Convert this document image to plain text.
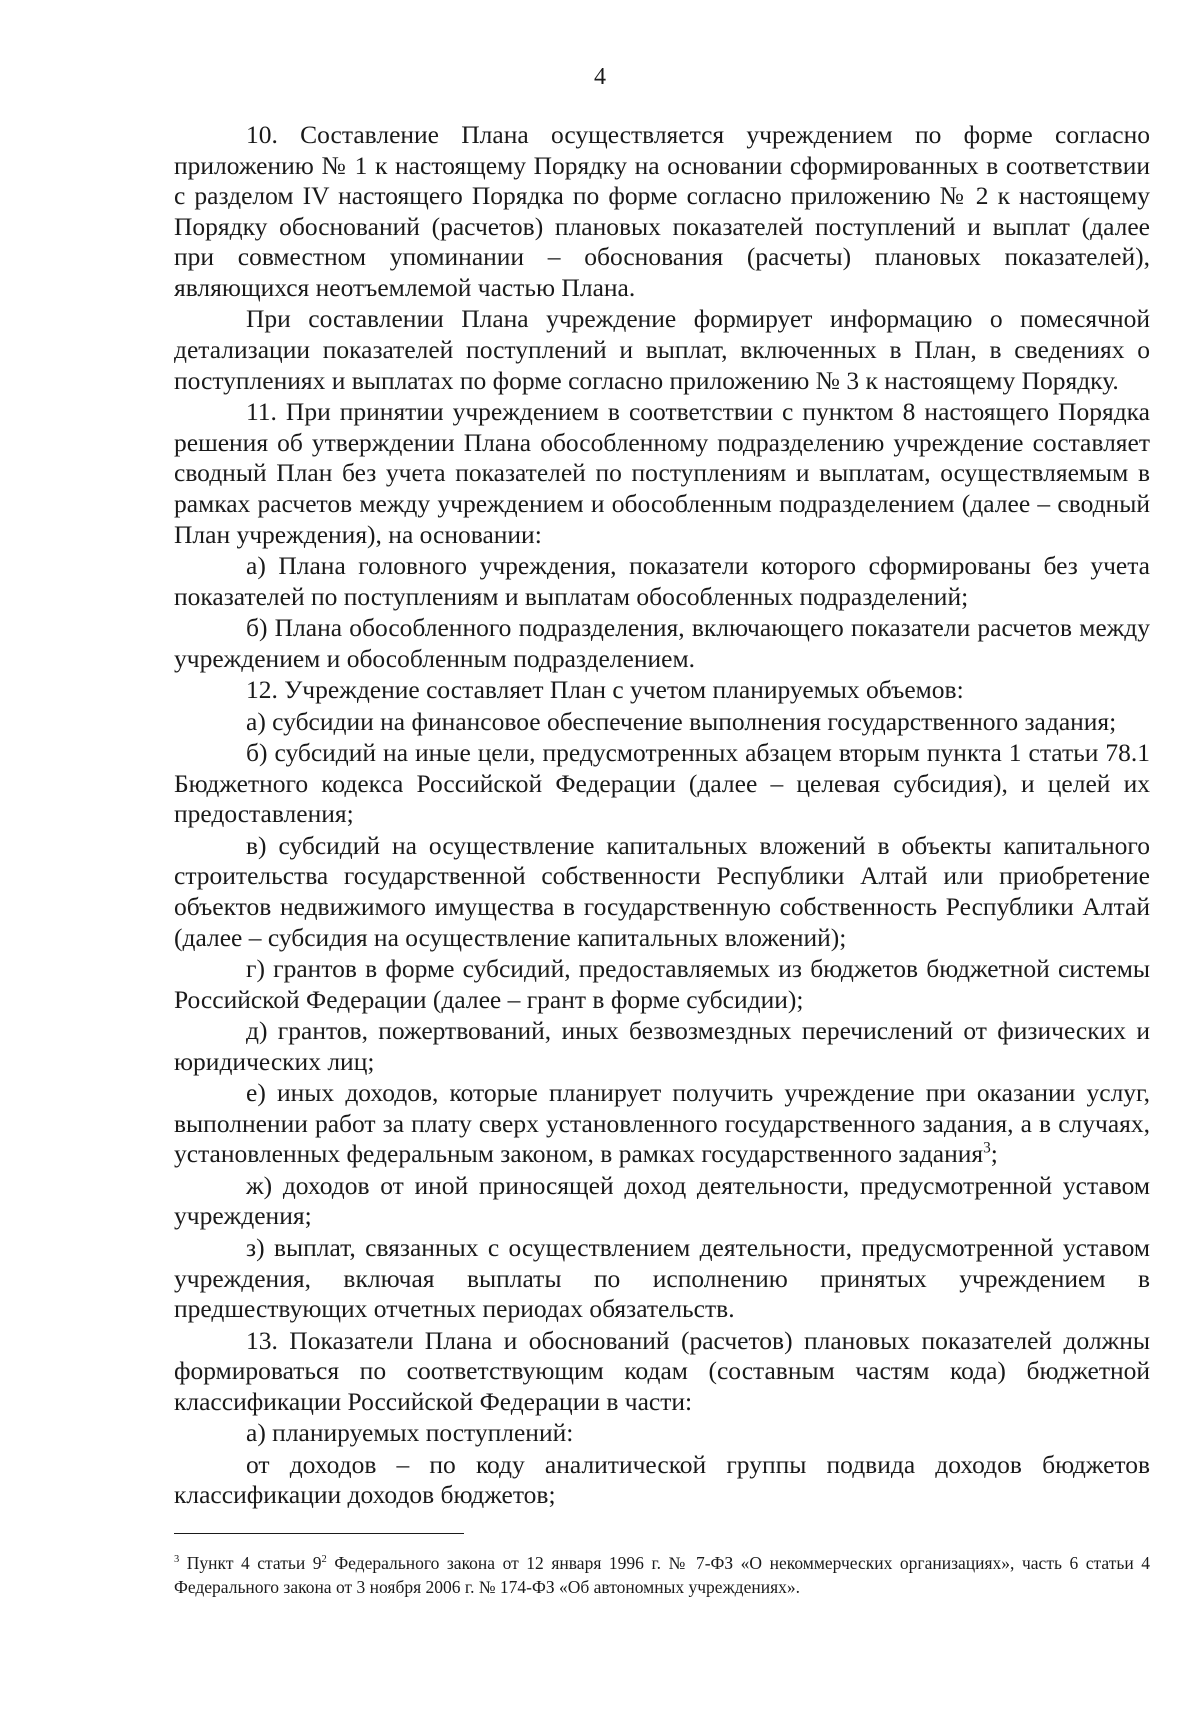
4

10. Составление Плана осуществляется учреждением по форме согласно приложению № 1 к настоящему Порядку на основании сформированных в соответствии с разделом IV настоящего Порядка по форме согласно приложению № 2 к настоящему Порядку обоснований (расчетов) плановых показателей поступлений и выплат (далее при совместном упоминании – обоснования (расчеты) плановых показателей), являющихся неотъемлемой частью Плана.

При составлении Плана учреждение формирует информацию о помесячной детализации показателей поступлений и выплат, включенных в План, в сведениях о поступлениях и выплатах по форме согласно приложению № 3 к настоящему Порядку.

11. При принятии учреждением в соответствии с пунктом 8 настоящего Порядка решения об утверждении Плана обособленному подразделению учреждение составляет сводный План без учета показателей по поступлениям и выплатам, осуществляемым в рамках расчетов между учреждением и обособленным подразделением (далее – сводный План учреждения), на основании:

а) Плана головного учреждения, показатели которого сформированы без учета показателей по поступлениям и выплатам обособленных подразделений;

б) Плана обособленного подразделения, включающего показатели расчетов между учреждением и обособленным подразделением.

12. Учреждение составляет План с учетом планируемых объемов:

а) субсидии на финансовое обеспечение выполнения государственного задания;

б) субсидий на иные цели, предусмотренных абзацем вторым пункта 1 статьи 78.1 Бюджетного кодекса Российской Федерации (далее – целевая субсидия), и целей их предоставления;

в) субсидий на осуществление капитальных вложений в объекты капитального строительства государственной собственности Республики Алтай или приобретение объектов недвижимого имущества в государственную собственность Республики Алтай (далее – субсидия на осуществление капитальных вложений);

г) грантов в форме субсидий, предоставляемых из бюджетов бюджетной системы Российской Федерации (далее – грант в форме субсидии);

д) грантов, пожертвований, иных безвозмездных перечислений от физических и юридических лиц;

е) иных доходов, которые планирует получить учреждение при оказании услуг, выполнении работ за плату сверх установленного государственного задания, а в случаях, установленных федеральным законом, в рамках государственного задания$^3$;

ж) доходов от иной приносящей доход деятельности, предусмотренной уставом учреждения;

з) выплат, связанных с осуществлением деятельности, предусмотренной уставом учреждения, включая выплаты по исполнению принятых учреждением в предшествующих отчетных периодах обязательств.

13. Показатели Плана и обоснований (расчетов) плановых показателей должны формироваться по соответствующим кодам (составным частям кода) бюджетной классификации Российской Федерации в части:

а) планируемых поступлений:

от доходов – по коду аналитической группы подвида доходов бюджетов классификации доходов бюджетов;

$^3$ Пункт 4 статьи $9^2$ Федерального закона от 12 января 1996 г. № 7-ФЗ «О некоммерческих организациях», часть 6 статьи 4 Федерального закона от 3 ноября 2006 г. № 174-ФЗ «Об автономных учреждениях».
